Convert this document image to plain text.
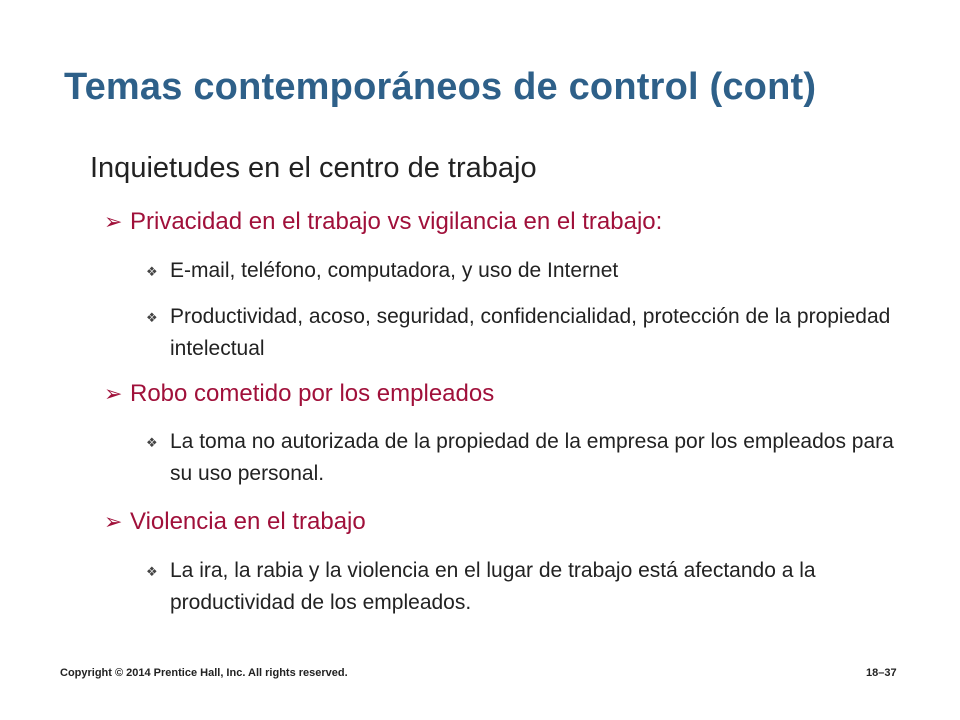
Temas contemporáneos de control (cont)
Inquietudes en el centro de trabajo
➢ Privacidad en el trabajo vs vigilancia en el trabajo:
❖ E-mail, teléfono, computadora, y uso de Internet
❖ Productividad, acoso, seguridad, confidencialidad, protección de la propiedad intelectual
➢ Robo cometido por los empleados
❖ La toma no autorizada de la propiedad de la empresa por los empleados para su uso personal.
➢ Violencia en el trabajo
❖ La ira, la rabia y la violencia en el lugar de trabajo está afectando a la productividad de los empleados.
Copyright © 2014 Prentice Hall, Inc. All rights reserved.	18–37
